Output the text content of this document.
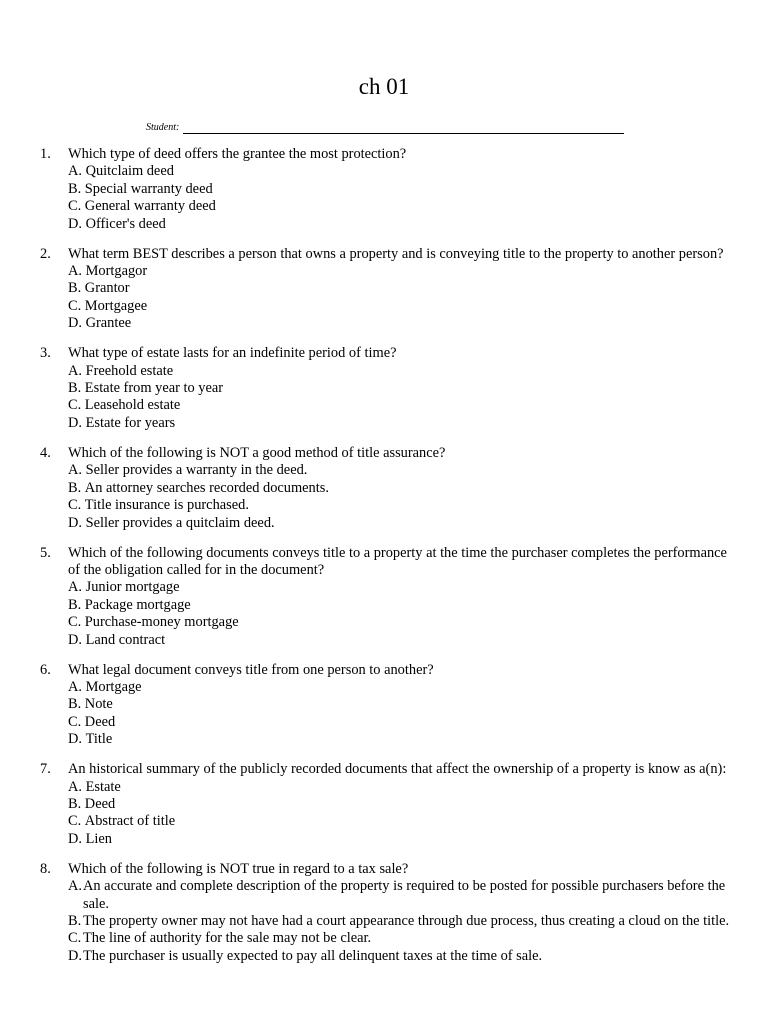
ch 01
Student:
1.	Which type of deed offers the grantee the most protection?

A. Quitclaim deed
B. Special warranty deed
C. General warranty deed
D. Officer's deed
2.	What term BEST describes a person that owns a property and is conveying title to the property to another person?

A. Mortgagor
B. Grantor
C. Mortgagee
D. Grantee
3.	What type of estate lasts for an indefinite period of time?

A. Freehold estate
B. Estate from year to year
C. Leasehold estate
D. Estate for years
4.	Which of the following is NOT a good method of title assurance?

A. Seller provides a warranty in the deed.
B. An attorney searches recorded documents.
C. Title insurance is purchased.
D. Seller provides a quitclaim deed.
5.	Which of the following documents conveys title to a property at the time the purchaser completes the performance of the obligation called for in the document?

A. Junior mortgage
B. Package mortgage
C. Purchase-money mortgage
D. Land contract
6.	What legal document conveys title from one person to another?

A. Mortgage
B. Note
C. Deed
D. Title
7.	An historical summary of the publicly recorded documents that affect the ownership of a property is know as a(n):

A. Estate
B. Deed
C. Abstract of title
D. Lien
8.	Which of the following is NOT true in regard to a tax sale?

A. An accurate and complete description of the property is required to be posted for possible purchasers before the sale.
B. The property owner may not have had a court appearance through due process, thus creating a cloud on the title.
C.
The line of authority for the sale may not be clear.
D.
The purchaser is usually expected to pay all delinquent taxes at the time of sale.
